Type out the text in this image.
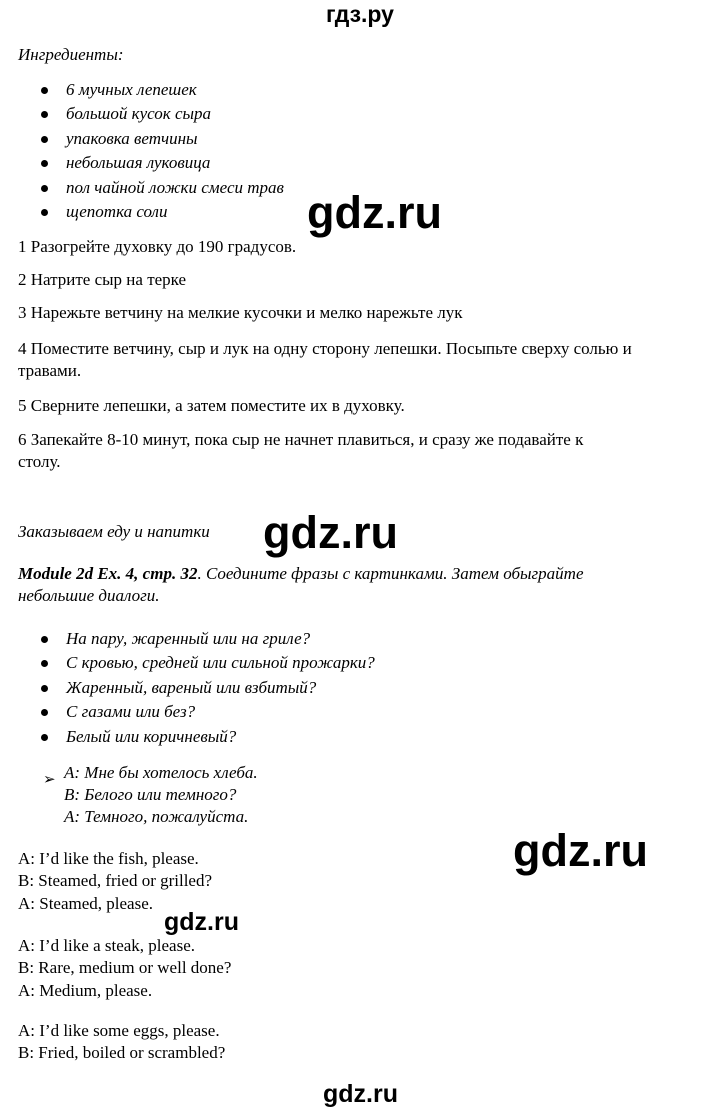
гдз.ру
Ингредиенты:
6 мучных лепешек
большой кусок сыра
упаковка ветчины
небольшая луковица
пол чайной ложки смеси трав
щепотка соли
1 Разогрейте духовку до 190 градусов.
2 Натрите сыр на терке
3 Нарежьте ветчину на мелкие кусочки и мелко нарежьте лук
4 Поместите ветчину, сыр и лук на одну сторону лепешки. Посыпьте сверху солью и
травами.
5 Сверните лепешки, а затем поместите их в духовку.
6 Запекайте 8-10 минут, пока сыр не начнет плавиться, и сразу же подавайте к
столу.
Заказываем еду и напитки
Module 2d Ex. 4, стр. 32. Соедините фразы с картинками. Затем обыграйте
небольшие диалоги.
На пару, жаренный или на гриле?
С кровью, средней или сильной прожарки?
Жаренный, вареный или взбитый?
С газами или без?
Белый или коричневый?
➢ А: Мне бы хотелось хлеба.
В: Белого или темного?
А: Темного, пожалуйста.
A: I’d like the fish, please.
B: Steamed, fried or grilled?
A: Steamed, please.
A: I’d like a steak, please.
B: Rare, medium or well done?
A: Medium, please.
A: I’d like some eggs, please.
B: Fried, boiled or scrambled?
gdz.ru
gdz.ru
gdz.ru
gdz.ru
gdz.ru
